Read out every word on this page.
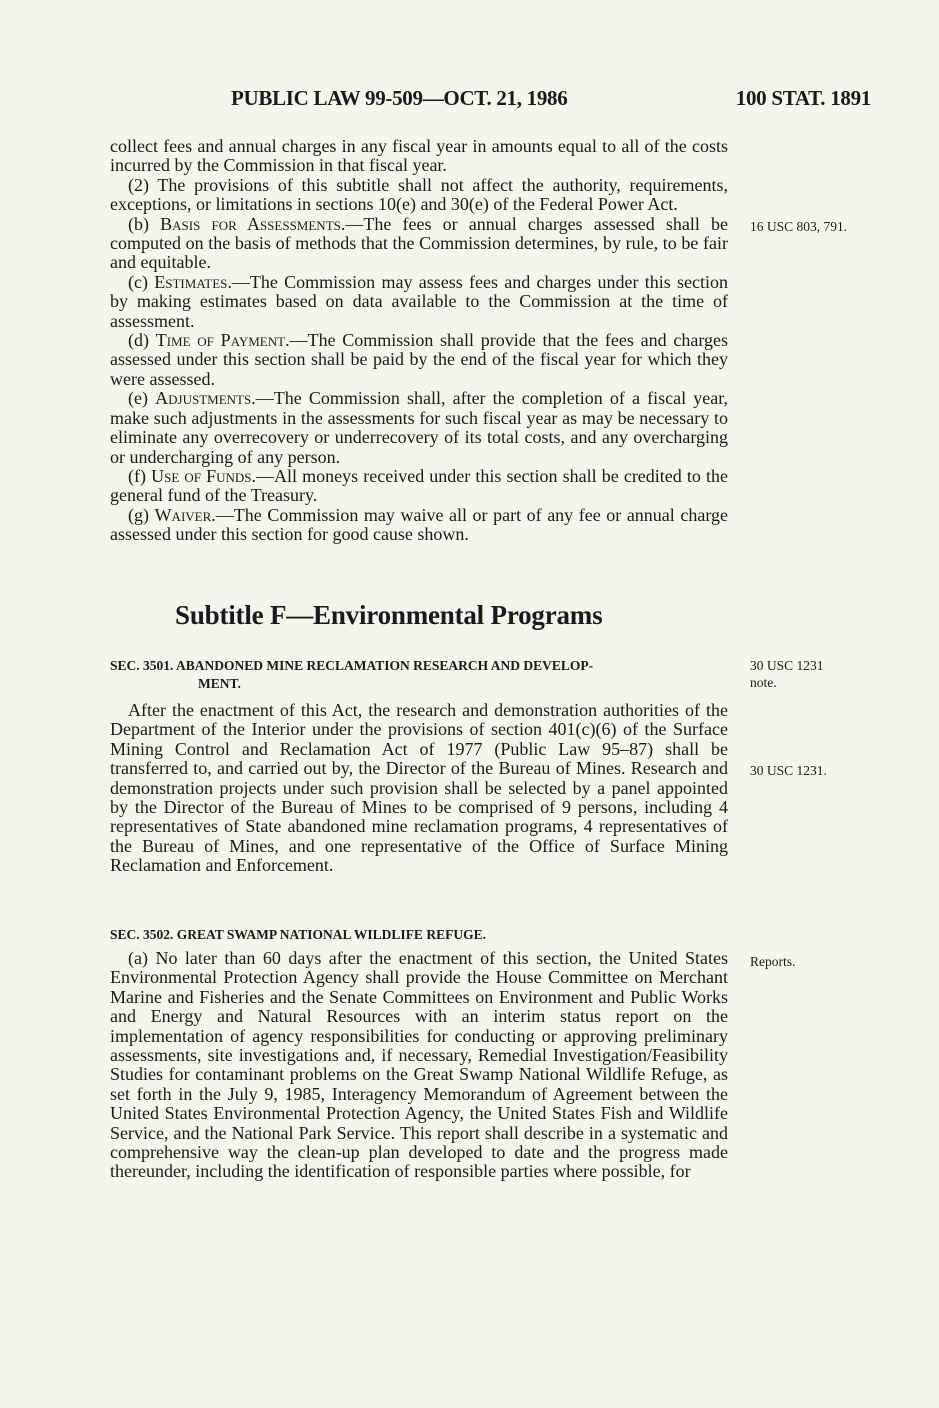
PUBLIC LAW 99-509—OCT. 21, 1986	100 STAT. 1891

collect fees and annual charges in any fiscal year in amounts equal to all of the costs incurred by the Commission in that fiscal year.

(2) The provisions of this subtitle shall not affect the authority, requirements, exceptions, or limitations in sections 10(e) and 30(e) of the Federal Power Act.

(b) Basis for Assessments.—The fees or annual charges assessed shall be computed on the basis of methods that the Commission determines, by rule, to be fair and equitable.

(c) Estimates.—The Commission may assess fees and charges under this section by making estimates based on data available to the Commission at the time of assessment.

(d) Time of Payment.—The Commission shall provide that the fees and charges assessed under this section shall be paid by the end of the fiscal year for which they were assessed.

(e) Adjustments.—The Commission shall, after the completion of a fiscal year, make such adjustments in the assessments for such fiscal year as may be necessary to eliminate any overrecovery or underrecovery of its total costs, and any overcharging or undercharging of any person.

(f) Use of Funds.—All moneys received under this section shall be credited to the general fund of the Treasury.

(g) Waiver.—The Commission may waive all or part of any fee or annual charge assessed under this section for good cause shown.

16 USC 803, 791.
Subtitle F—Environmental Programs
SEC. 3501. ABANDONED MINE RECLAMATION RESEARCH AND DEVELOP-
MENT.
30 USC 1231
note.

After the enactment of this Act, the research and demonstration authorities of the Department of the Interior under the provisions of section 401(c)(6) of the Surface Mining Control and Reclamation Act of 1977 (Public Law 95–87) shall be transferred to, and carried out by, the Director of the Bureau of Mines. Research and demonstration projects under such provision shall be selected by a panel appointed by the Director of the Bureau of Mines to be comprised of 9 persons, including 4 representatives of State abandoned mine reclamation programs, 4 representatives of the Bureau of Mines, and one representative of the Office of Surface Mining Reclamation and Enforcement.

30 USC 1231.
SEC. 3502. GREAT SWAMP NATIONAL WILDLIFE REFUGE.

(a) No later than 60 days after the enactment of this section, the United States Environmental Protection Agency shall provide the House Committee on Merchant Marine and Fisheries and the Senate Committees on Environment and Public Works and Energy and Natural Resources with an interim status report on the implementation of agency responsibilities for conducting or approving preliminary assessments, site investigations and, if necessary, Remedial Investigation/Feasibility Studies for contaminant problems on the Great Swamp National Wildlife Refuge, as set forth in the July 9, 1985, Interagency Memorandum of Agreement between the United States Environmental Protection Agency, the United States Fish and Wildlife Service, and the National Park Service. This report shall describe in a systematic and comprehensive way the clean-up plan developed to date and the progress made thereunder, including the identification of responsible parties where possible, for

Reports.
